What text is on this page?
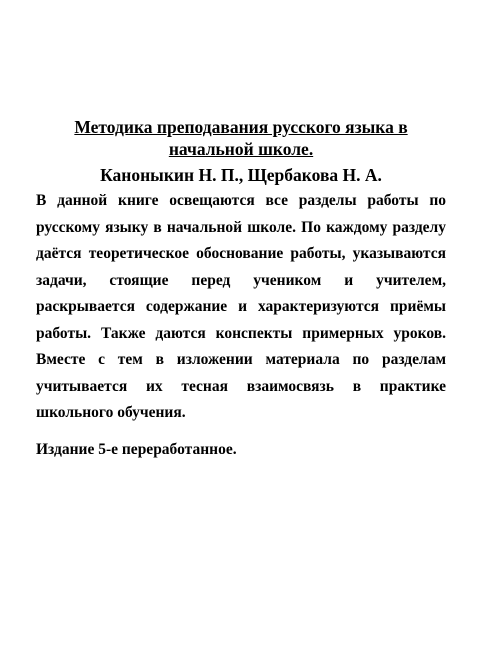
Методика преподавания русского языка в начальной школе.

Каноныкин Н. П., Щербакова Н. А.

В данной книге освещаются все разделы работы по русскому языку в начальной школе. По каждому разделу даётся теоретическое обоснование работы, указываются задачи, стоящие перед учеником и учителем, раскрывается содержание и характеризуются приёмы работы. Также даются конспекты примерных уроков. Вместе с тем в изложении материала по разделам учитывается их тесная взаимосвязь в практике школьного обучения.

Издание 5-е переработанное.
